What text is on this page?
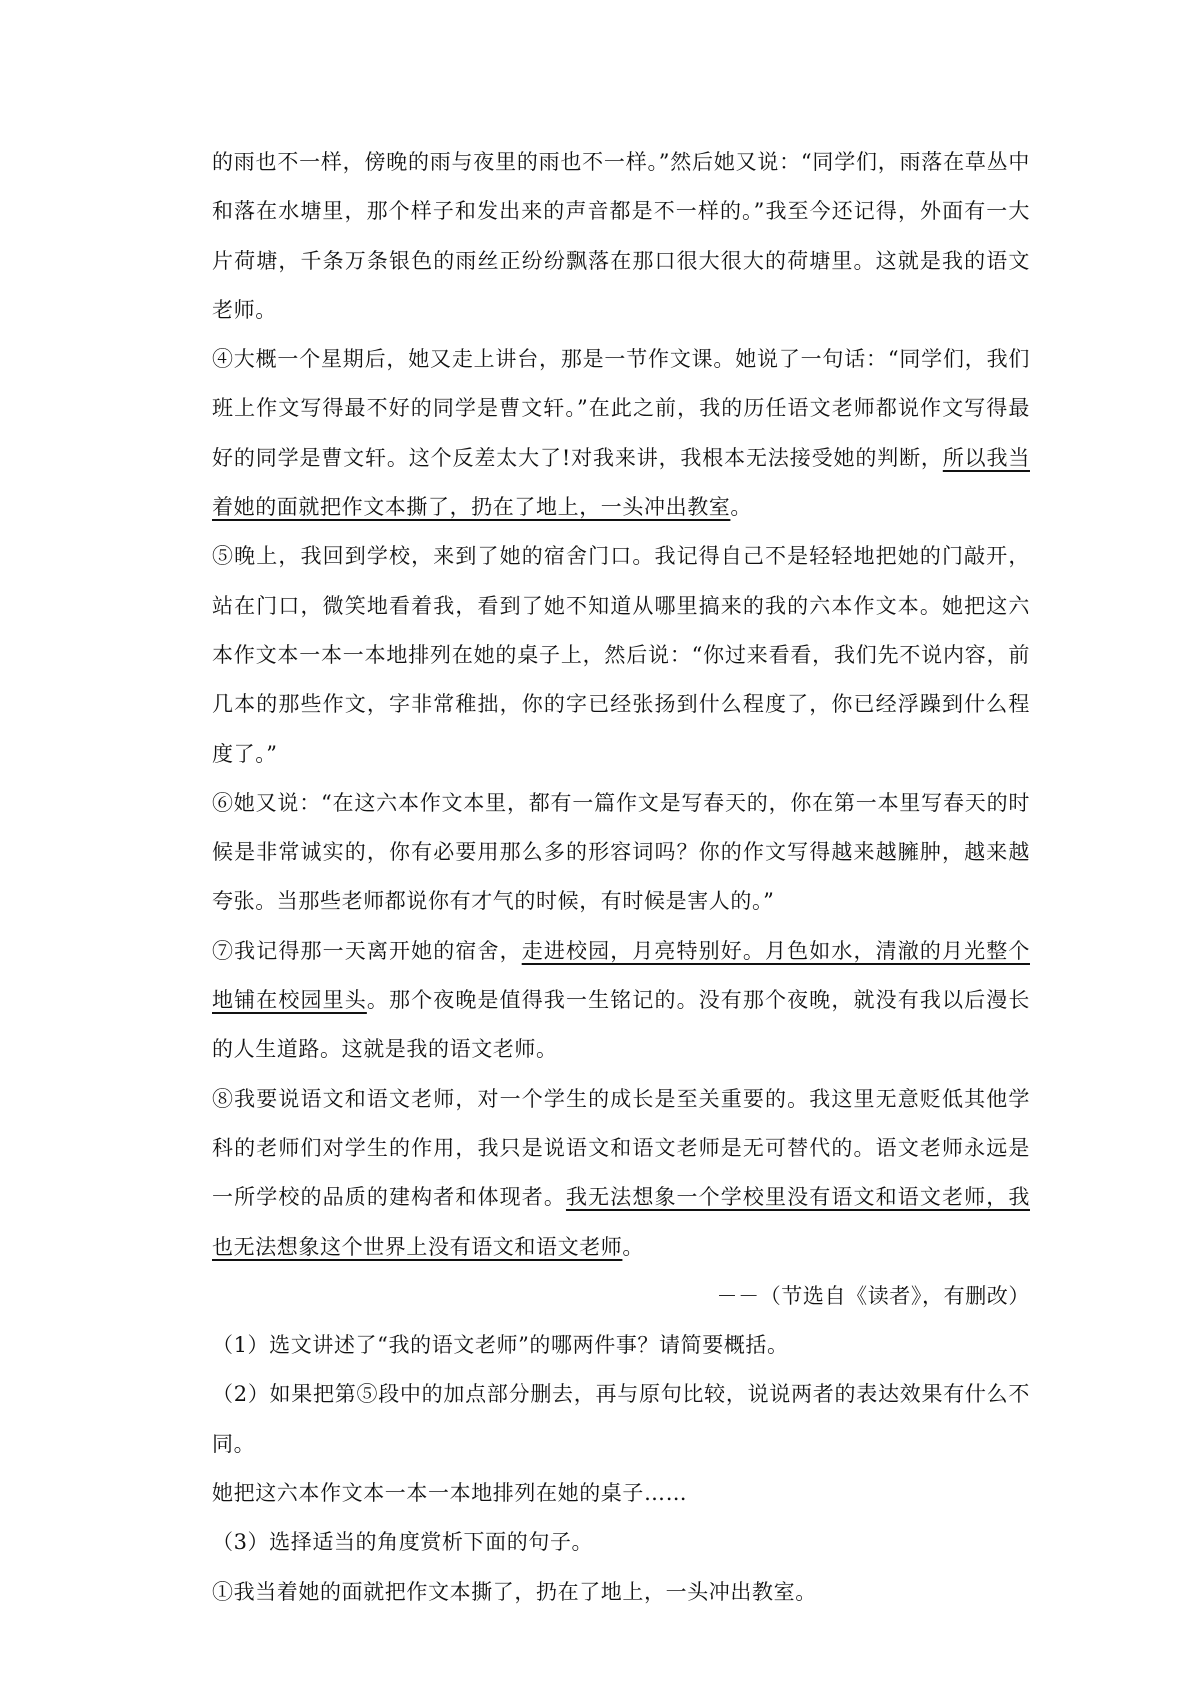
的雨也不一样，傍晚的雨与夜里的雨也不一样。”然后她又说：“同学们，雨落在草丛中和落在水塘里，那个样子和发出来的声音都是不一样的。”我至今还记得，外面有一大片荷塘，千条万条银色的雨丝正纷纷飘落在那口很大很大的荷塘里。这就是我的语文老师。

④大概一个星期后，她又走上讲台，那是一节作文课。她说了一句话：“同学们，我们班上作文写得最不好的同学是曹文轩。”在此之前，我的历任语文老师都说作文写得最好的同学是曹文轩。这个反差太大了!对我来讲，我根本无法接受她的判断，所以我当着她的面就把作文本撕了，扔在了地上，一头冲出教室。

⑤晚上，我回到学校，来到了她的宿舍门口。我记得自己不是轻轻地把她的门敲开，站在门口，微笑地看着我，看到了她不知道从哪里搞来的我的六本作文本。她把这六本作文本一本一本地排列在她的桌子上，然后说：“你过来看看，我们先不说内容，前几本的那些作文，字非常稚拙，你的字已经张扬到什么程度了，你已经浮躁到什么程度了。”

⑥她又说：“在这六本作文本里，都有一篇作文是写春天的，你在第一本里写春天的时候是非常诚实的，你有必要用那么多的形容词吗？你的作文写得越来越臃肿，越来越夸张。当那些老师都说你有才气的时候，有时候是害人的。”

⑦我记得那一天离开她的宿舍，走进校园，月亮特别好。月色如水，清澈的月光整个地铺在校园里头。那个夜晚是值得我一生铭记的。没有那个夜晚，就没有我以后漫长的人生道路。这就是我的语文老师。

⑧我要说语文和语文老师，对一个学生的成长是至关重要的。我这里无意贬低其他学科的老师们对学生的作用，我只是说语文和语文老师是无可替代的。语文老师永远是一所学校的品质的建构者和体现者。我无法想象一个学校里没有语文和语文老师，我也无法想象这个世界上没有语文和语文老师。

－－（节选自《读者》，有删改）

（1）选文讲述了“我的语文老师”的哪两件事？请简要概括。

（2）如果把第⑤段中的加点部分删去，再与原句比较，说说两者的表达效果有什么不同。

她把这六本作文本一本一本地排列在她的桌子……

（3）选择适当的角度赏析下面的句子。

①我当着她的面就把作文本撕了，扔在了地上，一头冲出教室。
